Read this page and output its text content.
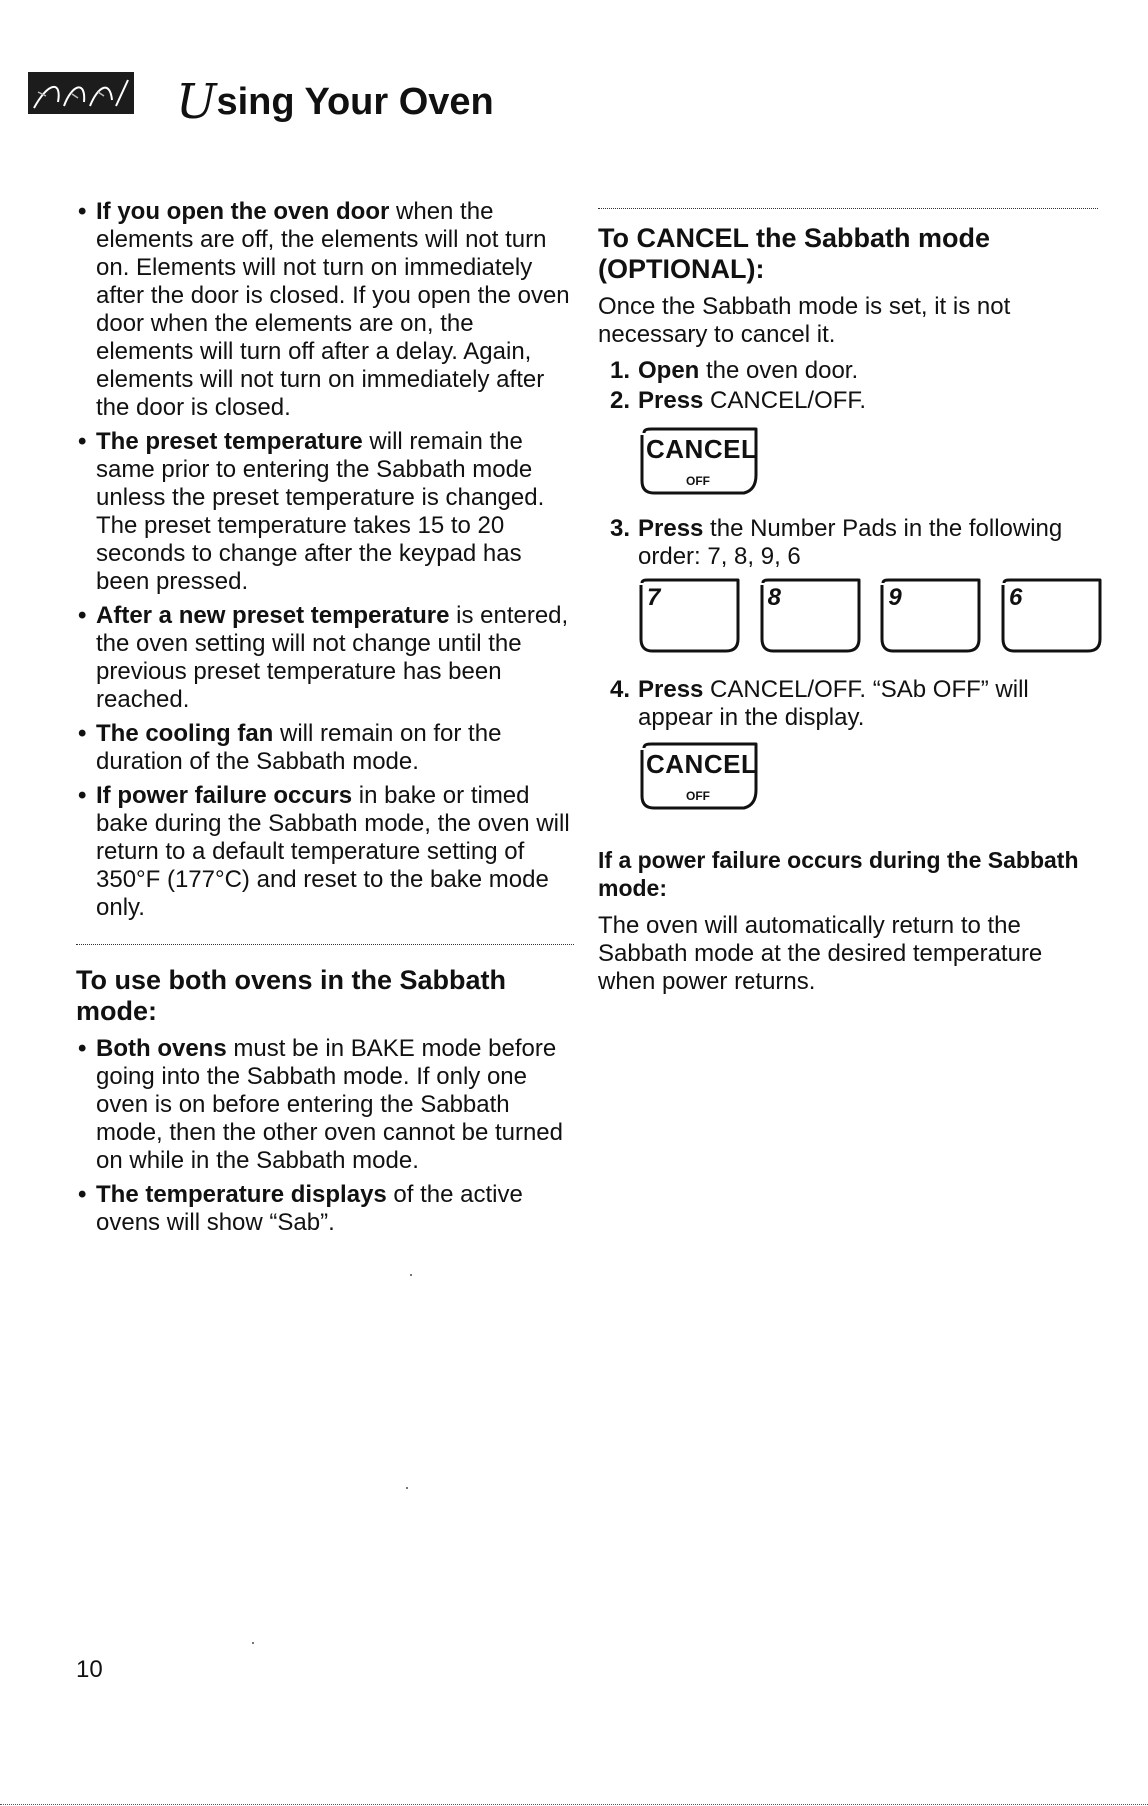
Using Your Oven
• If you open the oven door when the elements are off, the elements will not turn on. Elements will not turn on immediately after the door is closed. If you open the oven door when the elements are on, the elements will turn off after a delay. Again, elements will not turn on immediately after the door is closed.
• The preset temperature will remain the same prior to entering the Sabbath mode unless the preset temperature is changed. The preset temperature takes 15 to 20 seconds to change after the keypad has been pressed.
• After a new preset temperature is entered, the oven setting will not change until the previous preset temperature has been reached.
• The cooling fan will remain on for the duration of the Sabbath mode.
• If power failure occurs in bake or timed bake during the Sabbath mode, the oven will return to a default temperature setting of 350°F (177°C) and reset to the bake mode only.
To use both ovens in the Sabbath mode:
• Both ovens must be in BAKE mode before going into the Sabbath mode. If only one oven is on before entering the Sabbath mode, then the other oven cannot be turned on while in the Sabbath mode.
• The temperature displays of the active ovens will show “Sab”.
To CANCEL the Sabbath mode (OPTIONAL):

Once the Sabbath mode is set, it is not necessary to cancel it.

1. Open the oven door.
2. Press CANCEL/OFF.
CANCEL
OFF
3. Press the Number Pads in the following order: 7, 8, 9, 6
7
	8
	9
	6
4. Press CANCEL/OFF. “SAb OFF” will appear in the display.
CANCEL
OFF
If a power failure occurs during the Sabbath mode:

The oven will automatically return to the Sabbath mode at the desired temperature when power returns.

10
